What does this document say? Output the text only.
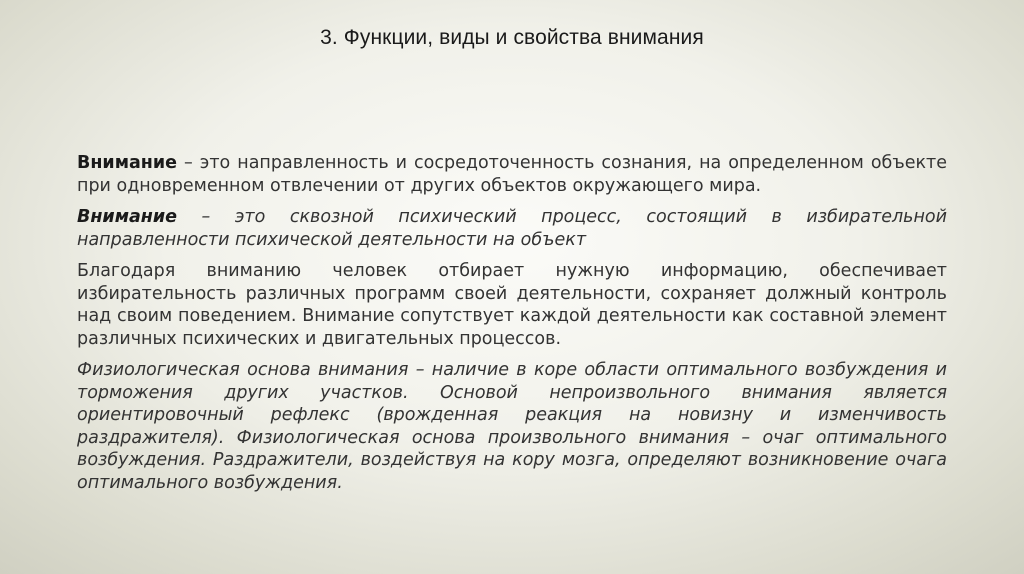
3. Функции, виды и свойства внимания

Внимание – это направленность и сосредоточенность сознания, на определенном объекте при одновременном отвлечении от других объектов окружающего мира.

Внимание – это сквозной психический процесс, состоящий в избирательной направленности психической деятельности на объект

Благодаря вниманию человек отбирает нужную информацию, обеспечивает избирательность различных программ своей деятельности, сохраняет должный контроль над своим поведением. Внимание сопутствует каждой деятельности как составной элемент различных психических и двигательных процессов.

Физиологическая основа внимания – наличие в коре области оптимального возбуждения и торможения других участков. Основой непроизвольного внимания является ориентировочный рефлекс (врожденная реакция на новизну и изменчивость раздражителя). Физиологическая основа произвольного внимания – очаг оптимального возбуждения. Раздражители, воздействуя на кору мозга, определяют возникновение очага оптимального возбуждения.
